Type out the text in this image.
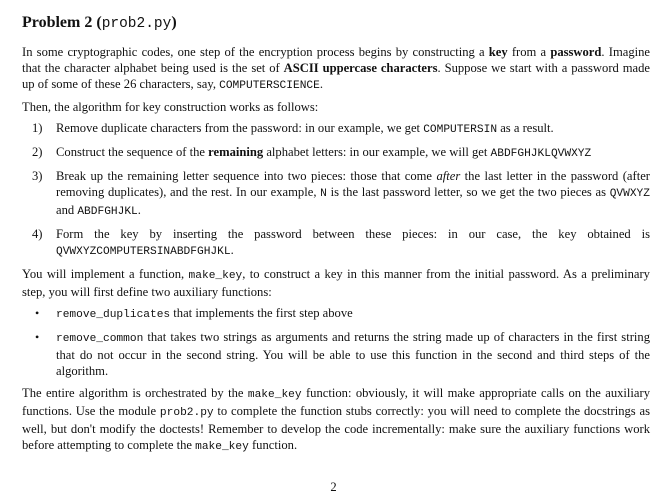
Problem 2 (prob2.py)

In some cryptographic codes, one step of the encryption process begins by constructing a key from a password. Imagine that the character alphabet being used is the set of ASCII uppercase characters. Suppose we start with a password made up of some of these 26 characters, say, COMPUTERSCIENCE.

Then, the algorithm for key construction works as follows:

1) Remove duplicate characters from the password: in our example, we get COMPUTERSIN as a result.
2) Construct the sequence of the remaining alphabet letters: in our example, we will get ABDFGHJKLQVWXYZ
3) Break up the remaining letter sequence into two pieces: those that come after the last letter in the password (after removing duplicates), and the rest. In our example, N is the last password letter, so we get the two pieces as QVWXYZ and ABDFGHJKL.
4) Form the key by inserting the password between these pieces: in our case, the key obtained is QVWXYZCOMPUTERSINABDFGHJKL.

You will implement a function, make_key, to construct a key in this manner from the initial password. As a preliminary step, you will first define two auxiliary functions:

• remove_duplicates that implements the first step above
• remove_common that takes two strings as arguments and returns the string made up of characters in the first string that do not occur in the second string. You will be able to use this function in the second and third steps of the algorithm.

The entire algorithm is orchestrated by the make_key function: obviously, it will make appropriate calls on the auxiliary functions. Use the module prob2.py to complete the function stubs correctly: you will need to complete the docstrings as well, but don't modify the doctests! Remember to develop the code incrementally: make sure the auxiliary functions work before attempting to complete the make_key function.

2
